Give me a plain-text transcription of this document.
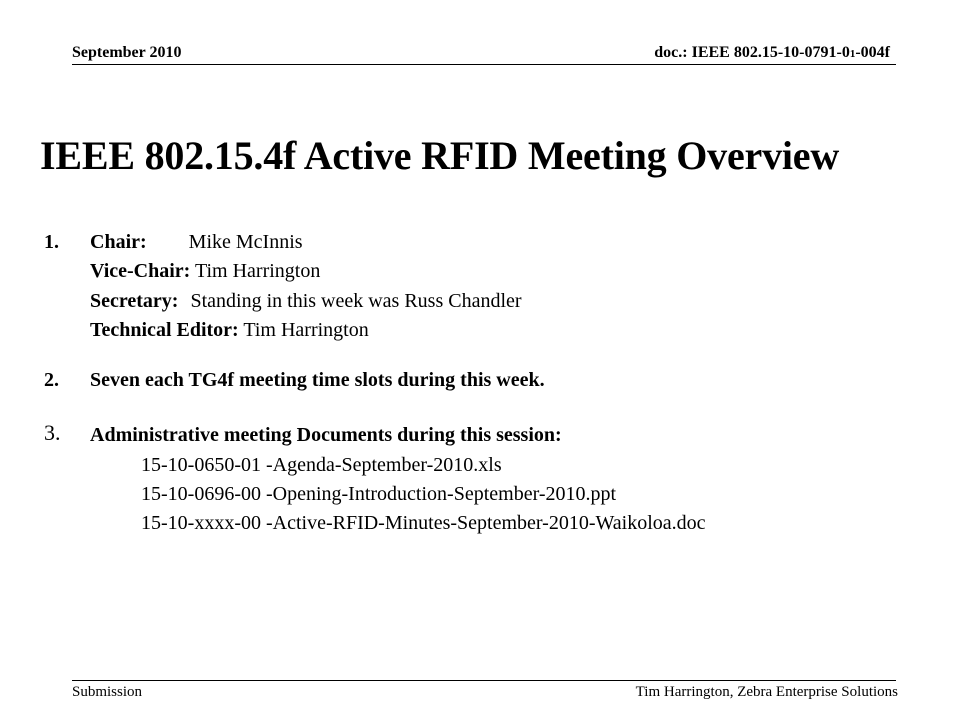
September 2010	doc.: IEEE 802.15-10-0791-01-004f
IEEE 802.15.4f Active RFID Meeting Overview
1. Chair: Mike McInnis
Vice-Chair: Tim Harrington
Secretary: Standing in this week was Russ Chandler
Technical Editor: Tim Harrington
2. Seven each TG4f meeting time slots during this week.
3. Administrative meeting Documents during this session:
15-10-0650-01 -Agenda-September-2010.xls
15-10-0696-00 -Opening-Introduction-September-2010.ppt
15-10-xxxx-00 -Active-RFID-Minutes-September-2010-Waikoloa.doc
Submission	Tim Harrington, Zebra Enterprise Solutions
